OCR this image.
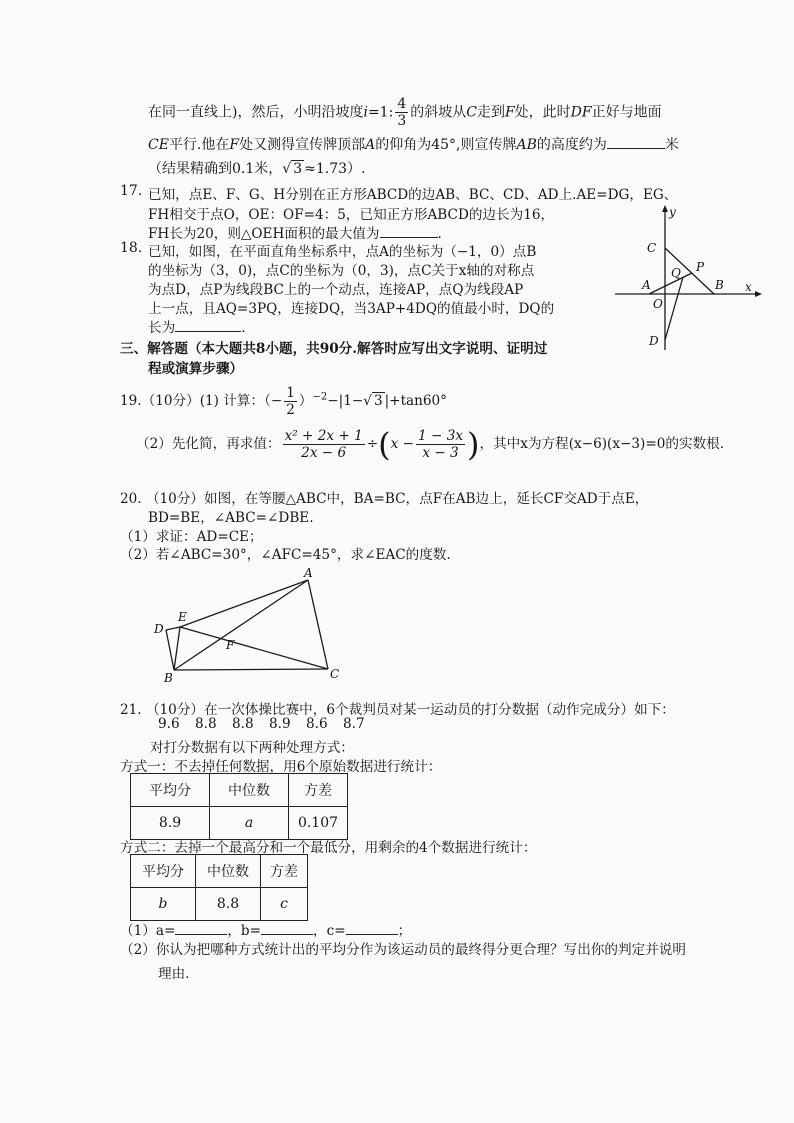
在同一直线上)，然后，小明沿坡度i=1: $\frac{4}{3}$ 的斜坡从C走到F处，此时DF正好与地面
CE平行.他在F处又测得宣传牌顶部A的仰角为45°,则宣传牌AB的高度约为	米
（结果精确到0.1米，√ 3 ≈1.73）.
17. 已知，点E、F、G、H分别在正方形ABCD的边AB、BC、CD、AD上.AE=DG，EG、
FH相交于点O，OE：OF=4：5，已知正方形ABCD的边长为16，
FH长为20，则△OEH面积的最大值为	.
18. 已知，如图，在平面直角坐标系中，点A的坐标为（−1，0）点B
的坐标为（3，0)，点C的坐标为（0，3)，点C关于x轴的对称点
为点D，点P为线段BC上的一个动点，连接AP，点Q为线段AP
上一点，且AQ=3PQ，连接DQ，当3AP+4DQ的值最小时，DQ的
长为	.
y
x
C
Q P
A	B
O
D
三、解答题（本大题共8小题，共90分.解答时应写出文字说明、证明过
程或演算步骤）
19.（10分）(1) 计算：（− $\frac{1}{2} )^{-2}-|1-√$ 3 |+tan60°
（2）先化简，再求值： $\frac{\text{x² + 2x + 1}}{2x - 6} \div(x - \frac{1 - 3x}{x - 3}$ )，其中x为方程(x−6)(x−3)=0的实数根.
20. （10分）如图，在等腰△ABC中，BA=BC，点F在AB边上，延长CF交AD于点E，
BD=BE，∠ABC=∠DBE.
（1）求证：AD=CE；
（2）若∠ABC=30°，∠AFC=45°，求∠EAC的度数.
A
E
D
F
B	C
21. （10分）在一次体操比赛中，6个裁判员对某一运动员的打分数据（动作完成分）如下：
9.6 8.8 8.8 8.9 8.6 8.7
对打分数据有以下两种处理方式：
方式一：不去掉任何数据，用6个原始数据进行统计：
平均分	中位数	方差
8.9	a	0.107
方式二：去掉一个最高分和一个最低分，用剩余的4个数据进行统计：
平均分	中位数	方差
b	8.8	c
（1）a=	，b=	，c=	；
（2）你认为把哪种方式统计出的平均分作为该运动员的最终得分更合理？写出你的判定并说明
理由.
